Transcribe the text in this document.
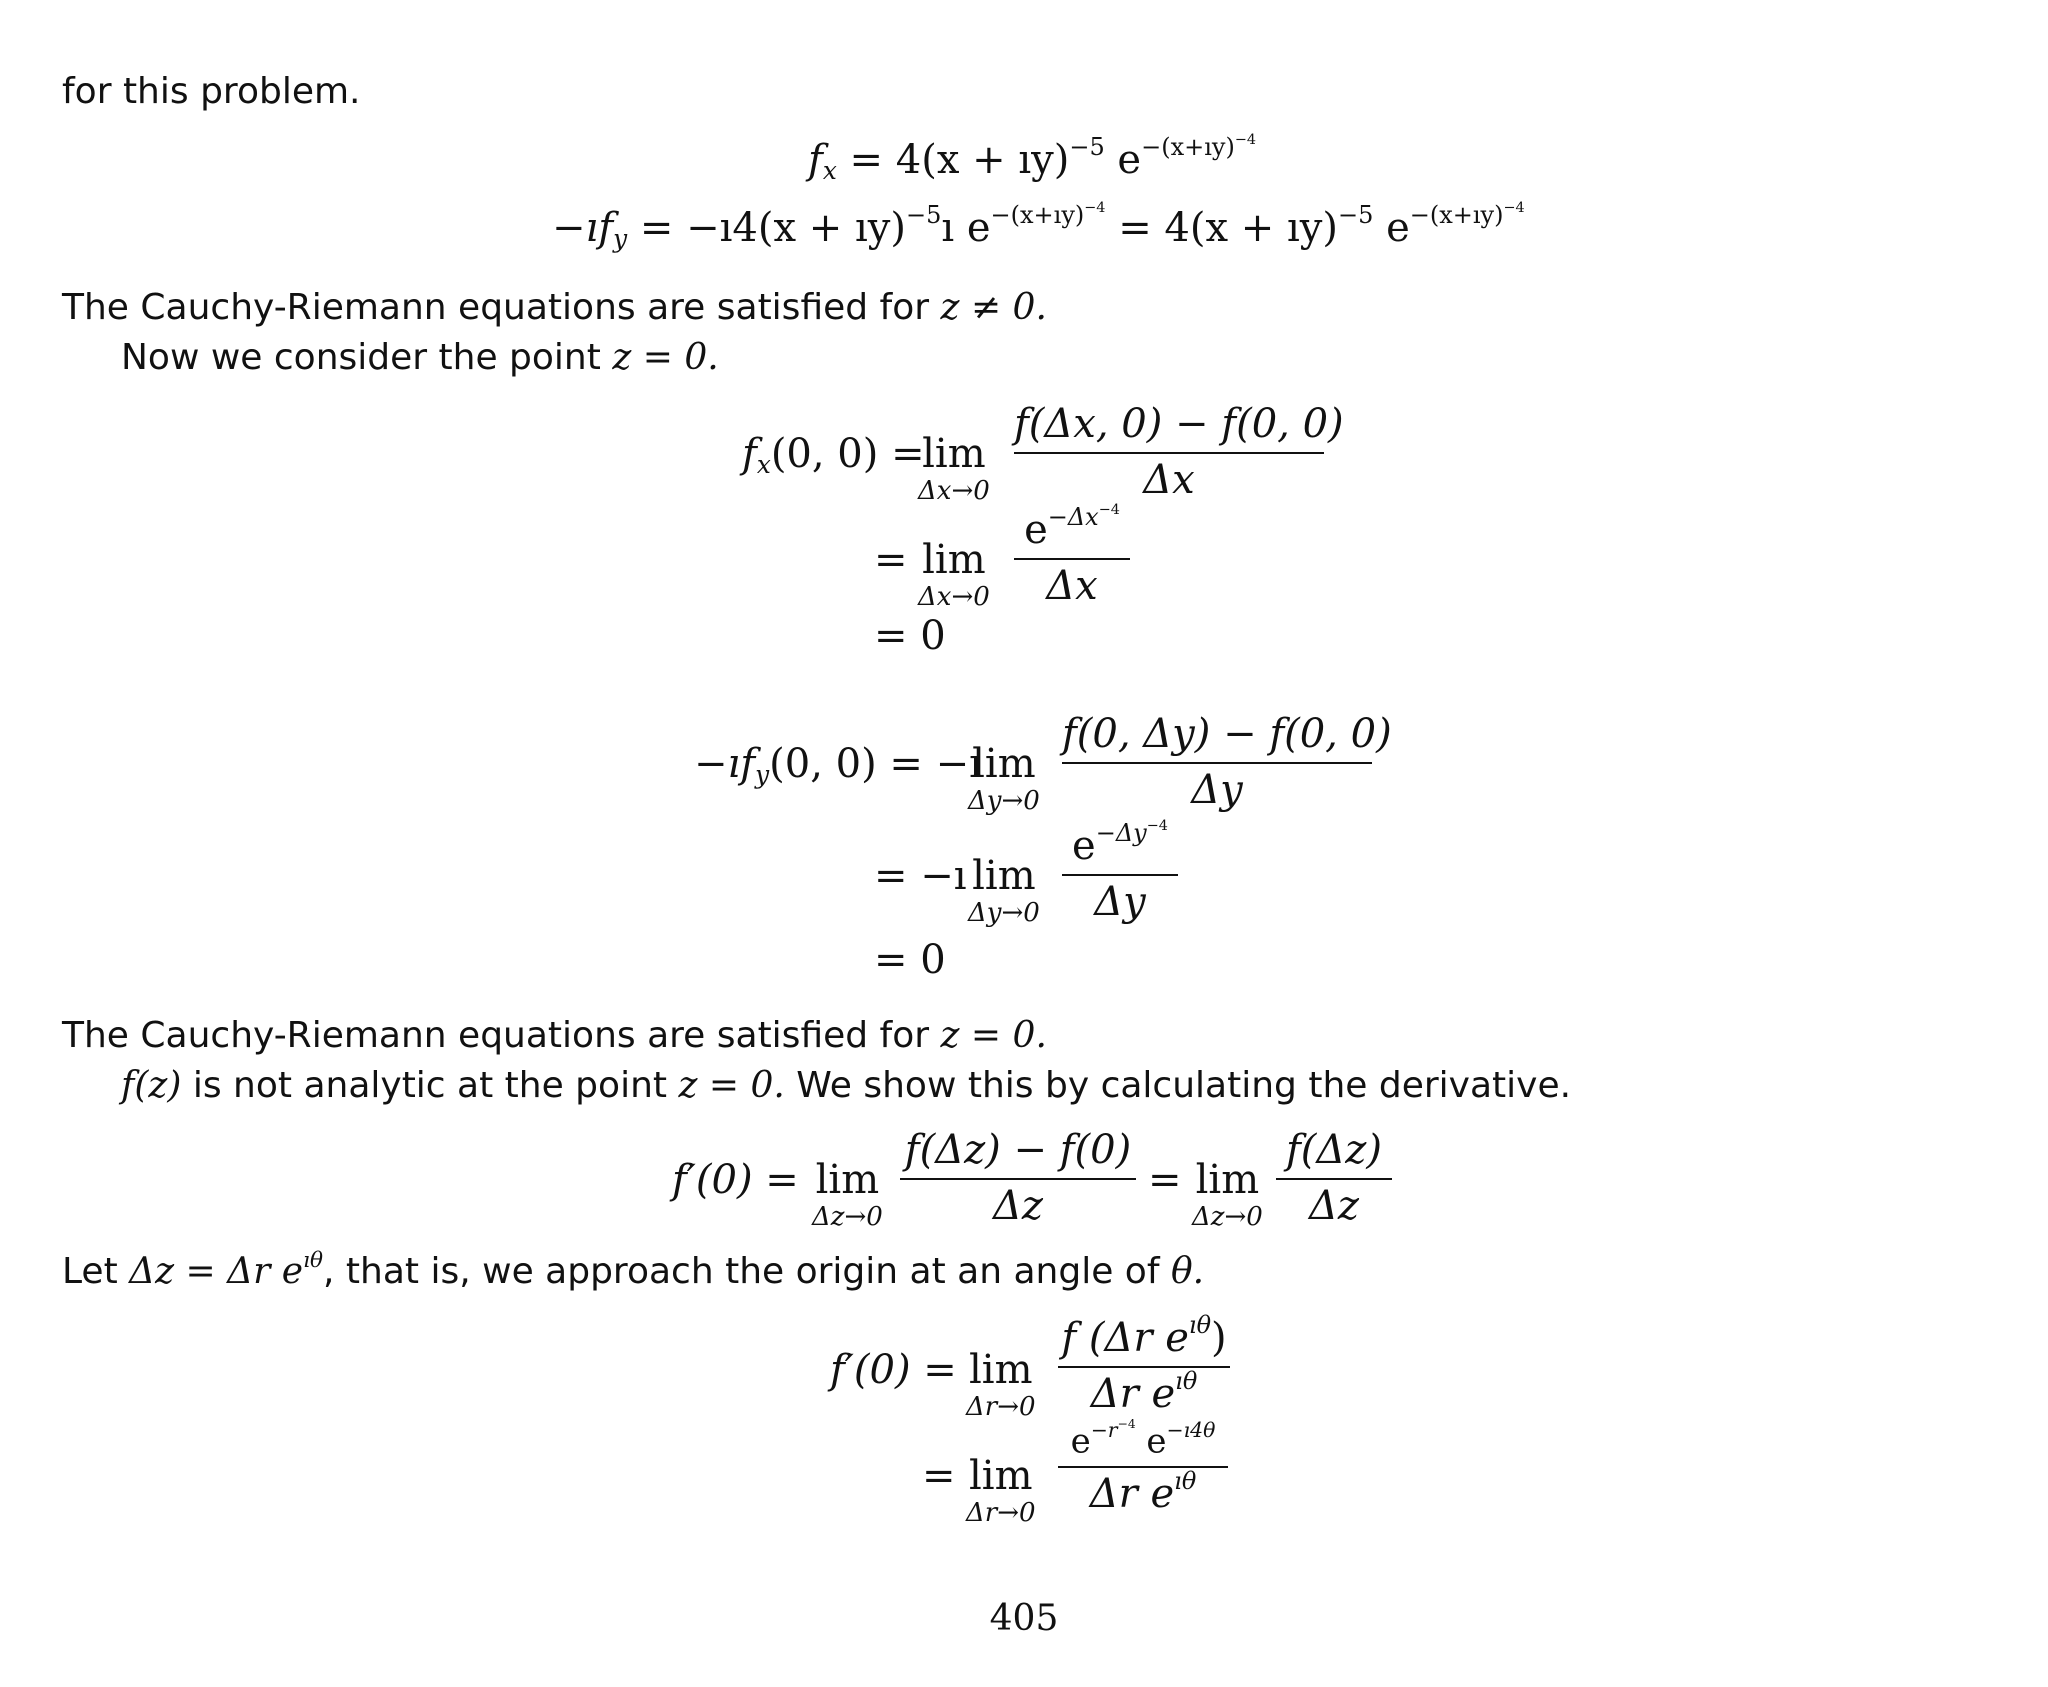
for this problem.
$f_x = 4(x$ + ıy)$^{-5}$ $e^{-(x+ıy)^{-4}}$
$-ıf_y$ = −ı4(x + ıy)$^{-5}$ı $e^{-(x+ıy)^{-4}} = 4(x$ + ıy)$^{-5}$ $e^{-(x+ıy)^{-4}}$
The Cauchy-Riemann equations are satisfied for z ≠ 0.
Now we consider the point z = 0.
$f_x(0$, 0) =
lim
Δx→0
f(Δx, 0) − f(0, 0)
Δx
= lim
Δx→0
$e^{-\Delta x^{-4}}$
Δx
= 0
$-ıf_y(0$, 0) = −ı
lim
Δy→0
f(0, Δy) − f(0, 0)
Δy
= −ı lim
Δy→0
$e^{-\Delta y^{-4}}$
Δy
= 0
The Cauchy-Riemann equations are satisfied for z = 0.
f(z) is not analytic at the point z = 0. We show this by calculating the derivative.
f′(0) = lim
Δz→0
f(Δz) − f(0)
Δz
= lim
Δz→0
f(Δz)
Δz
Let Δz = Δr $e^{ı\theta}$, that is, we approach the origin at an angle of θ.
f′(0) = lim
Δr→0
f (Δr $e^{ı\theta}$)
Δr $e^{ı\theta}$
= lim
Δr→0
$e^{-r^{-4}}$ $e^{-ı4\theta}$
Δr $e^{ı\theta}$
405
